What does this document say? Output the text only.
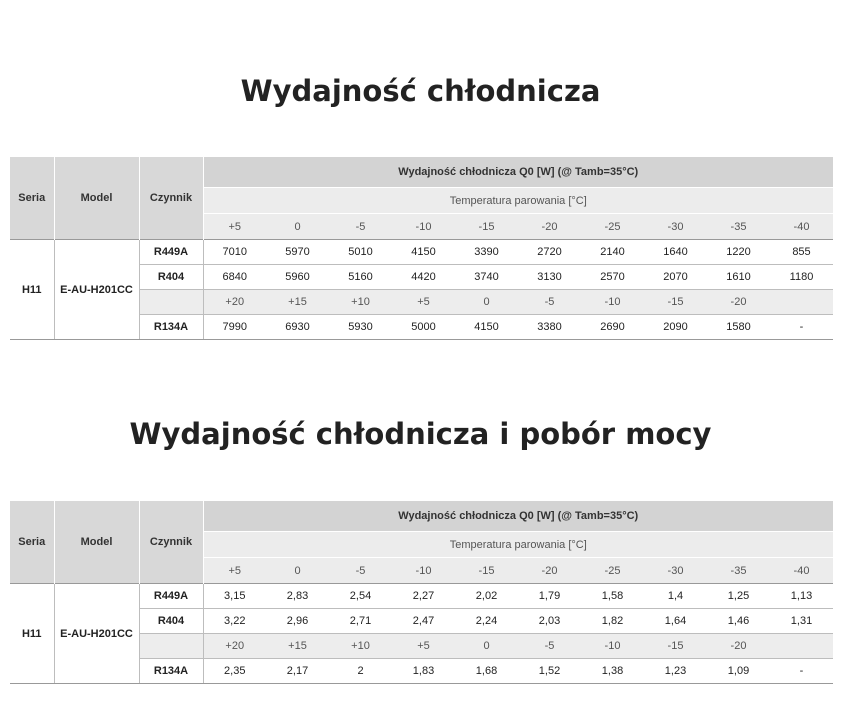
Wydajność chłodnicza
Seria	Model	Czynnik	Wydajność chłodnicza Q0 [W] (@ Tamb=35°C)									
			Temperatura parowania [°C]									
			+5	0	-5	-10	-15	-20	-25	-30	-35	-40
H11	E-AU-H201CC	R449A	7010	5970	5010	4150	3390	2720	2140	1640	1220	855
		R404	6840	5960	5160	4420	3740	3130	2570	2070	1610	1180
			+20	+15	+10	+5	0	-5	-10	-15	-20	
		R134A	7990	6930	5930	5000	4150	3380	2690	2090	1580	-
Wydajność chłodnicza i pobór mocy
Seria	Model	Czynnik	Wydajność chłodnicza Q0 [W] (@ Tamb=35°C)									
			Temperatura parowania [°C]									
			+5	0	-5	-10	-15	-20	-25	-30	-35	-40
H11	E-AU-H201CC	R449A	3,15	2,83	2,54	2,27	2,02	1,79	1,58	1,4	1,25	1,13
		R404	3,22	2,96	2,71	2,47	2,24	2,03	1,82	1,64	1,46	1,31
			+20	+15	+10	+5	0	-5	-10	-15	-20	
		R134A	2,35	2,17	2	1,83	1,68	1,52	1,38	1,23	1,09	-
